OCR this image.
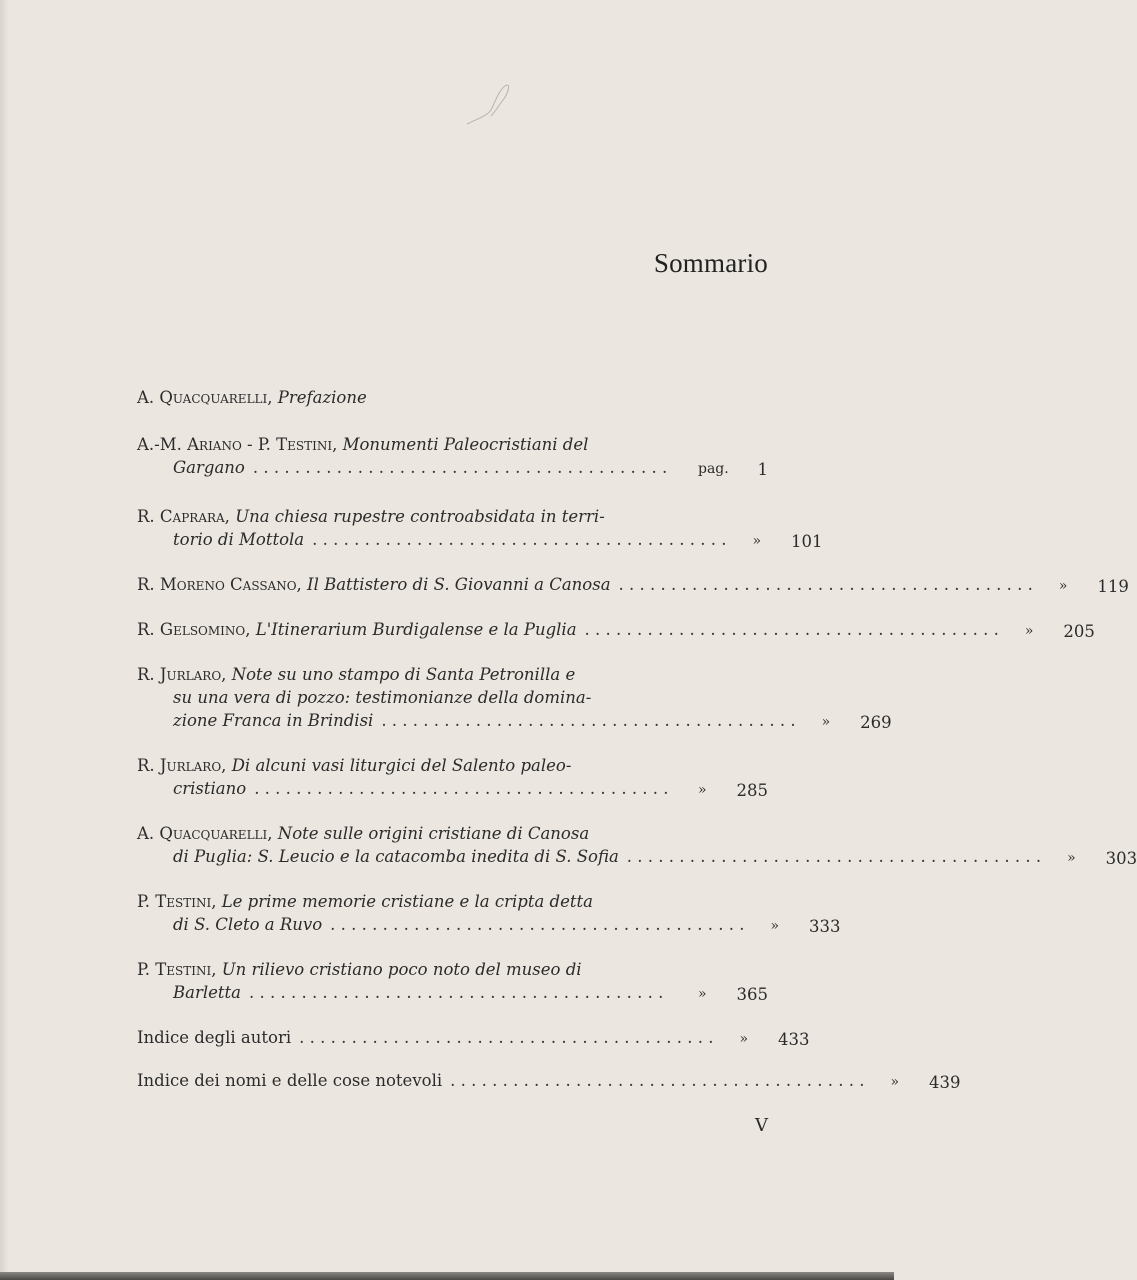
Sommario
A. Quacquarelli, Prefazione
A.-M. Ariano - P. Testini, Monumenti Paleocristiani del
Gargano . . . . . . . . . . . . . . . . . . . . . . . . . . . . . . . . . . . . . . . .	pag. 1
R. Caprara, Una chiesa rupestre controabsidata in terri-
torio di Mottola . . . . . . . . . . . . . . . . . . . . . . . . . . . . . . . . . . . . . . . . » 101
R. Moreno Cassano, Il Battistero di S. Giovanni a Canosa . . . . . . . . . . . . . . . . . . . . . . . . . . . . . . . . . . . . . . . . » 119
R. Gelsomino, L'Itinerarium Burdigalense e la Puglia . . . . . . . . . . . . . . . . . . . . . . . . . . . . . . . . . . . . . . . . » 205
R. Jurlaro, Note su uno stampo di Santa Petronilla e
su una vera di pozzo: testimonianze della domina-
zione Franca in Brindisi . . . . . . . . . . . . . . . . . . . . . . . . . . . . . . . . . . . . . . . . » 269
R. Jurlaro, Di alcuni vasi liturgici del Salento paleo-
cristiano . . . . . . . . . . . . . . . . . . . . . . . . . . . . . . . . . . . . . . . . » 285
A. Quacquarelli, Note sulle origini cristiane di Canosa
di Puglia: S. Leucio e la catacomba inedita di S. Sofia . . . . . . . . . . . . . . . . . . . . . . . . . . . . . . . . . . . . . . . . » 303
P. Testini, Le prime memorie cristiane e la cripta detta
di S. Cleto a Ruvo . . . . . . . . . . . . . . . . . . . . . . . . . . . . . . . . . . . . . . . . » 333
P. Testini, Un rilievo cristiano poco noto del museo di
Barletta . . . . . . . . . . . . . . . . . . . . . . . . . . . . . . . . . . . . . . . .	» 365
Indice degli autori . . . . . . . . . . . . . . . . . . . . . . . . . . . . . . . . . . . . . . . . » 433
Indice dei nomi e delle cose notevoli . . . . . . . . . . . . . . . . . . . . . . . . . . . . . . . . . . . . . . . . » 439
V
